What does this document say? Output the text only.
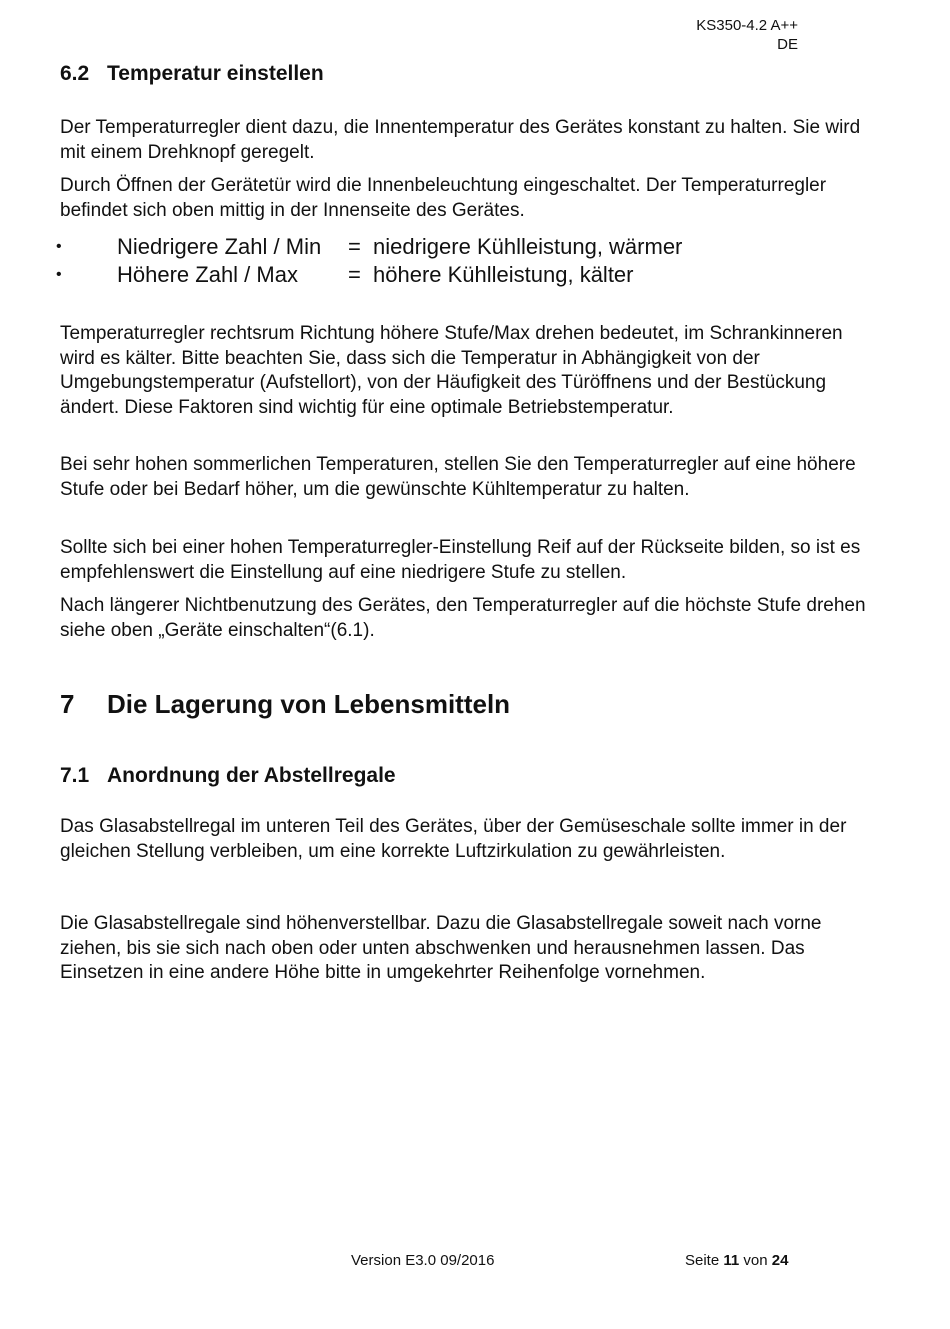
KS350-4.2 A++
DE
6.2 Temperatur einstellen

Der Temperaturregler dient dazu, die Innentemperatur des Gerätes konstant zu halten. Sie wird mit einem Drehknopf geregelt.

Durch Öffnen der Gerätetür wird die Innenbeleuchtung eingeschaltet. Der Temperaturregler befindet sich oben mittig in der Innenseite des Gerätes.

•	Niedrigere Zahl / Min	= niedrigere Kühlleistung, wärmer
•	Höhere Zahl / Max	= höhere Kühlleistung, kälter

Temperaturregler rechtsrum Richtung höhere Stufe/Max drehen bedeutet, im Schrankinneren wird es kälter. Bitte beachten Sie, dass sich die Temperatur in Abhängigkeit von der Umgebungstemperatur (Aufstellort), von der Häufigkeit des Türöffnens und der Bestückung ändert. Diese Faktoren sind wichtig für eine optimale Betriebstemperatur.

Bei sehr hohen sommerlichen Temperaturen, stellen Sie den Temperaturregler auf eine höhere Stufe oder bei Bedarf höher, um die gewünschte Kühltemperatur zu halten.

Sollte sich bei einer hohen Temperaturregler-Einstellung Reif auf der Rückseite bilden, so ist es empfehlenswert die Einstellung auf eine niedrigere Stufe zu stellen.

Nach längerer Nichtbenutzung des Gerätes, den Temperaturregler auf die höchste Stufe drehen siehe oben „Geräte einschalten“(6.1).

7 Die Lagerung von Lebensmitteln
7.1 Anordnung der Abstellregale

Das Glasabstellregal im unteren Teil des Gerätes, über der Gemüseschale sollte immer in der gleichen Stellung verbleiben, um eine korrekte Luftzirkulation zu gewährleisten.

Die Glasabstellregale sind höhenverstellbar. Dazu die Glasabstellregale soweit nach vorne ziehen, bis sie sich nach oben oder unten abschwenken und herausnehmen lassen. Das Einsetzen in eine andere Höhe bitte in umgekehrter Reihenfolge vornehmen.

Version E3.0 09/2016	Seite 11 von 24
